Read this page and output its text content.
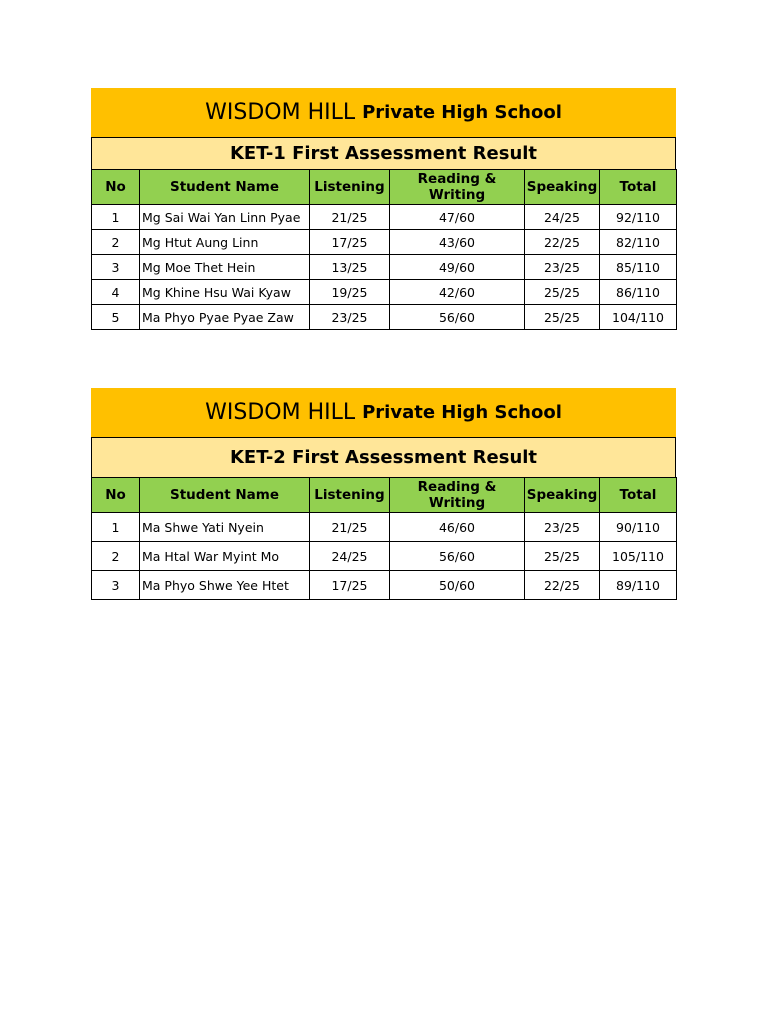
WISDOM HILL Private High School
KET-1 First Assessment Result
No	Student Name	Listening	Reading & Writing	Speaking	Total
1	Mg Sai Wai Yan Linn Pyae	21/25	47/60	24/25	92/110
2	Mg Htut Aung Linn	17/25	43/60	22/25	82/110
3	Mg Moe Thet Hein	13/25	49/60	23/25	85/110
4	Mg Khine Hsu Wai Kyaw	19/25	42/60	25/25	86/110
5	Ma Phyo Pyae Pyae Zaw	23/25	56/60	25/25	104/110
WISDOM HILL Private High School
KET-2 First Assessment Result
No	Student Name	Listening	Reading & Writing	Speaking	Total
1	Ma Shwe Yati Nyein	21/25	46/60	23/25	90/110
2	Ma Htal War Myint Mo	24/25	56/60	25/25	105/110
3	Ma Phyo Shwe Yee Htet	17/25	50/60	22/25	89/110
